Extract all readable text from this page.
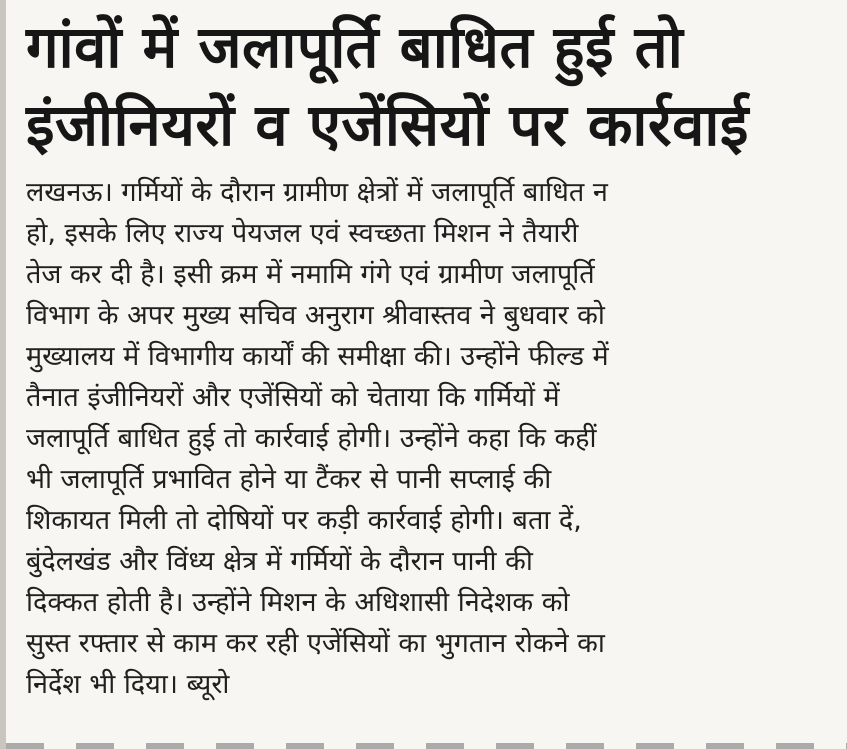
गांवों में जलापूर्ति बाधित हुई तो
इंजीनियरों व एजेंसियों पर कार्रवाई
लखनऊ। गर्मियों के दौरान ग्रामीण क्षेत्रों में जलापूर्ति बाधित न
हो, इसके लिए राज्य पेयजल एवं स्वच्छता मिशन ने तैयारी
तेज कर दी है। इसी क्रम में नमामि गंगे एवं ग्रामीण जलापूर्ति
विभाग के अपर मुख्य सचिव अनुराग श्रीवास्तव ने बुधवार को
मुख्यालय में विभागीय कार्यों की समीक्षा की। उन्होंने फील्ड में
तैनात इंजीनियरों और एजेंसियों को चेताया कि गर्मियों में
जलापूर्ति बाधित हुई तो कार्रवाई होगी। उन्होंने कहा कि कहीं
भी जलापूर्ति प्रभावित होने या टैंकर से पानी सप्लाई की
शिकायत मिली तो दोषियों पर कड़ी कार्रवाई होगी। बता दें,
बुंदेलखंड और विंध्य क्षेत्र में गर्मियों के दौरान पानी की
दिक्कत होती है। उन्होंने मिशन के अधिशासी निदेशक को
सुस्त रफ्तार से काम कर रही एजेंसियों का भुगतान रोकने का
निर्देश भी दिया। ब्यूरो
